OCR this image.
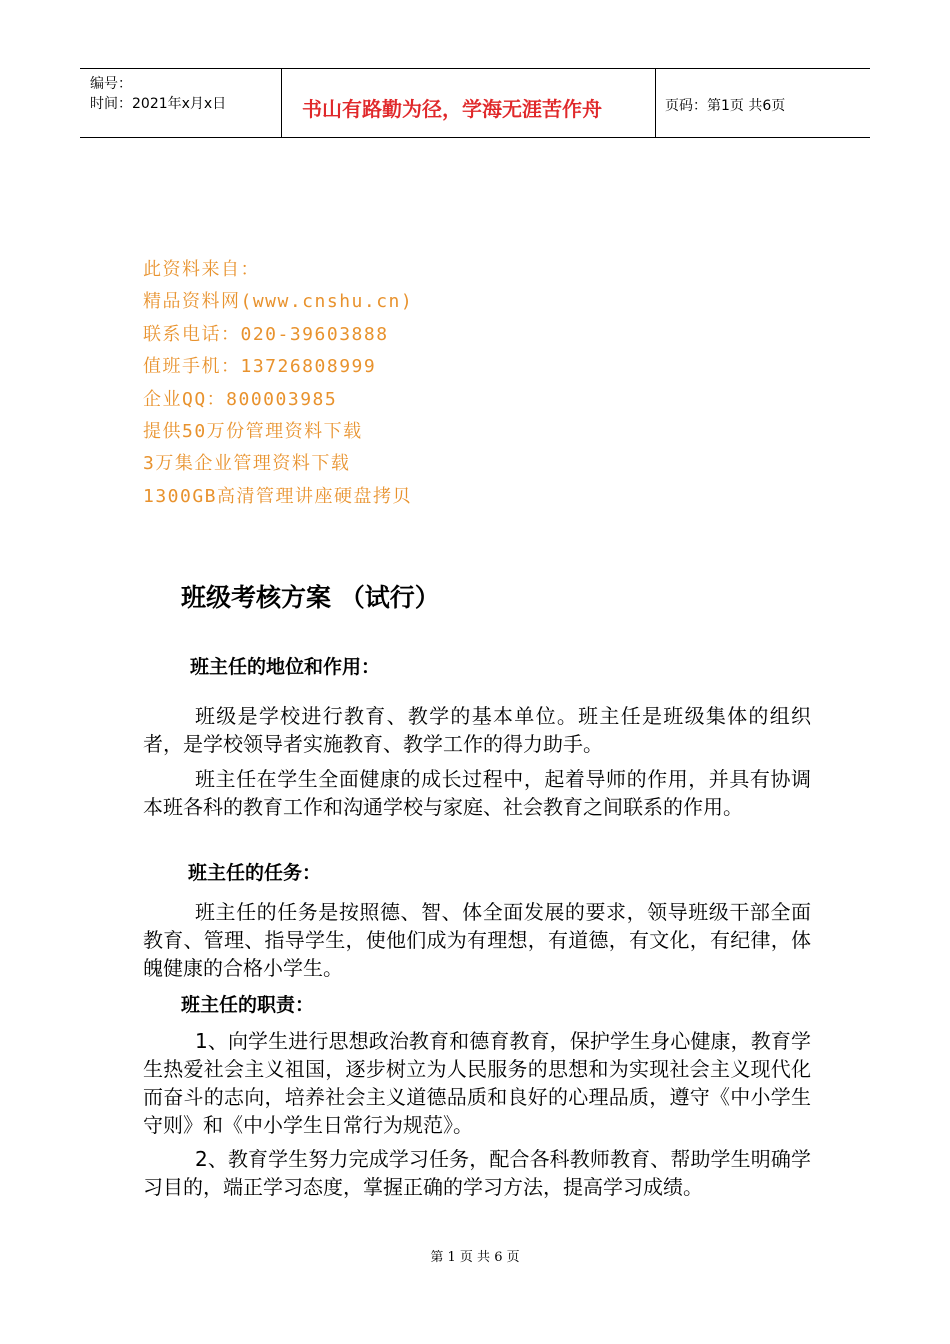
编号：
时间：2021年x月x日	书山有路勤为径，学海无涯苦作舟	页码：第1页 共6页
此资料来自：
精品资料网(www.cnshu.cn)
联系电话：020-39603888
值班手机：13726808999
企业QQ：800003985
提供50万份管理资料下载
3万集企业管理资料下载
1300GB高清管理讲座硬盘拷贝
班级考核方案 （试行）
班主任的地位和作用：
班级是学校进行教育、教学的基本单位。班主任是班级集体的组织者，是学校领导者实施教育、教学工作的得力助手。
班主任在学生全面健康的成长过程中，起着导师的作用，并具有协调本班各科的教育工作和沟通学校与家庭、社会教育之间联系的作用。
班主任的任务：
班主任的任务是按照德、智、体全面发展的要求，领导班级干部全面教育、管理、指导学生，使他们成为有理想，有道德，有文化，有纪律，体魄健康的合格小学生。
班主任的职责：
1、向学生进行思想政治教育和德育教育，保护学生身心健康，教育学生热爱社会主义祖国，逐步树立为人民服务的思想和为实现社会主义现代化而奋斗的志向，培养社会主义道德品质和良好的心理品质，遵守《中小学生守则》和《中小学生日常行为规范》。
2、教育学生努力完成学习任务，配合各科教师教育、帮助学生明确学习目的，端正学习态度，掌握正确的学习方法，提高学习成绩。
第 1 页 共 6 页
